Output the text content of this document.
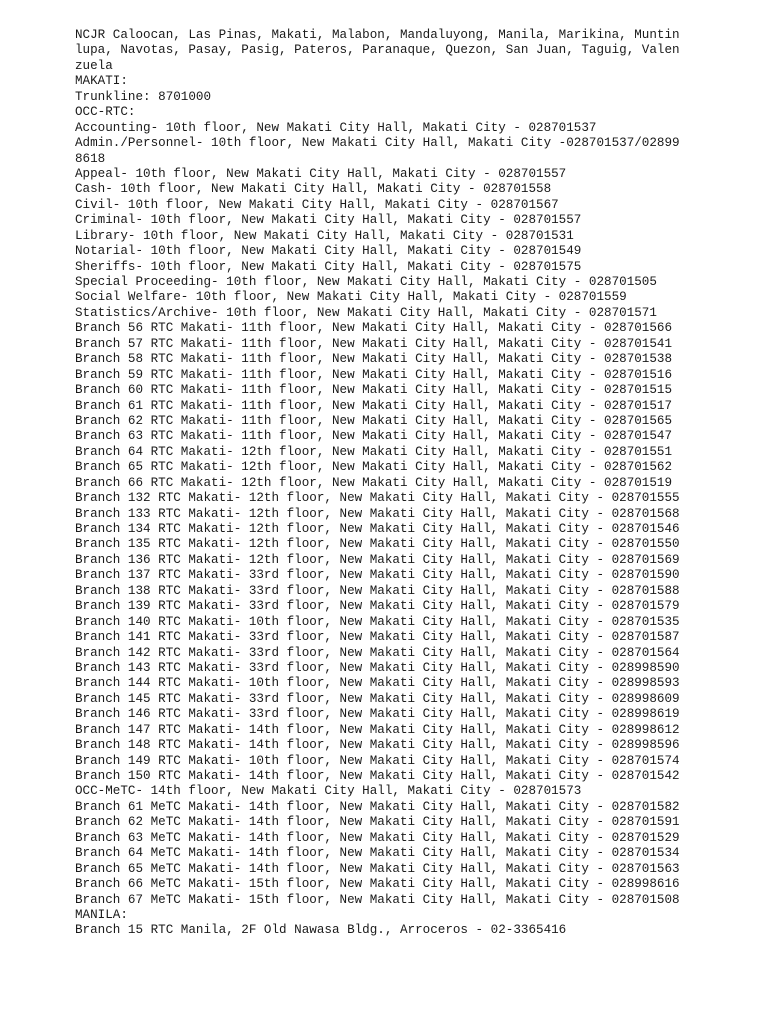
NCJR Caloocan, Las Pinas, Makati, Malabon, Mandaluyong, Manila, Marikina, Muntin
lupa, Navotas, Pasay, Pasig, Pateros, Paranaque, Quezon, San Juan, Taguig, Valen
zuela
MAKATI:
Trunkline: 8701000
OCC-RTC:
Accounting- 10th floor, New Makati City Hall, Makati City - 028701537
Admin./Personnel- 10th floor, New Makati City Hall, Makati City -028701537/02899
8618
Appeal- 10th floor, New Makati City Hall, Makati City - 028701557
Cash- 10th floor, New Makati City Hall, Makati City - 028701558
Civil- 10th floor, New Makati City Hall, Makati City - 028701567
Criminal- 10th floor, New Makati City Hall, Makati City - 028701557
Library- 10th floor, New Makati City Hall, Makati City - 028701531
Notarial- 10th floor, New Makati City Hall, Makati City - 028701549
Sheriffs- 10th floor, New Makati City Hall, Makati City - 028701575
Special Proceeding- 10th floor, New Makati City Hall, Makati City - 028701505
Social Welfare- 10th floor, New Makati City Hall, Makati City - 028701559
Statistics/Archive- 10th floor, New Makati City Hall, Makati City - 028701571
Branch 56 RTC Makati- 11th floor, New Makati City Hall, Makati City - 028701566
Branch 57 RTC Makati- 11th floor, New Makati City Hall, Makati City - 028701541
Branch 58 RTC Makati- 11th floor, New Makati City Hall, Makati City - 028701538
Branch 59 RTC Makati- 11th floor, New Makati City Hall, Makati City - 028701516
Branch 60 RTC Makati- 11th floor, New Makati City Hall, Makati City - 028701515
Branch 61 RTC Makati- 11th floor, New Makati City Hall, Makati City - 028701517
Branch 62 RTC Makati- 11th floor, New Makati City Hall, Makati City - 028701565
Branch 63 RTC Makati- 11th floor, New Makati City Hall, Makati City - 028701547
Branch 64 RTC Makati- 12th floor, New Makati City Hall, Makati City - 028701551
Branch 65 RTC Makati- 12th floor, New Makati City Hall, Makati City - 028701562
Branch 66 RTC Makati- 12th floor, New Makati City Hall, Makati City - 028701519
Branch 132 RTC Makati- 12th floor, New Makati City Hall, Makati City - 028701555
Branch 133 RTC Makati- 12th floor, New Makati City Hall, Makati City - 028701568
Branch 134 RTC Makati- 12th floor, New Makati City Hall, Makati City - 028701546
Branch 135 RTC Makati- 12th floor, New Makati City Hall, Makati City - 028701550
Branch 136 RTC Makati- 12th floor, New Makati City Hall, Makati City - 028701569
Branch 137 RTC Makati- 33rd floor, New Makati City Hall, Makati City - 028701590
Branch 138 RTC Makati- 33rd floor, New Makati City Hall, Makati City - 028701588
Branch 139 RTC Makati- 33rd floor, New Makati City Hall, Makati City - 028701579
Branch 140 RTC Makati- 10th floor, New Makati City Hall, Makati City - 028701535
Branch 141 RTC Makati- 33rd floor, New Makati City Hall, Makati City - 028701587
Branch 142 RTC Makati- 33rd floor, New Makati City Hall, Makati City - 028701564
Branch 143 RTC Makati- 33rd floor, New Makati City Hall, Makati City - 028998590
Branch 144 RTC Makati- 10th floor, New Makati City Hall, Makati City - 028998593
Branch 145 RTC Makati- 33rd floor, New Makati City Hall, Makati City - 028998609
Branch 146 RTC Makati- 33rd floor, New Makati City Hall, Makati City - 028998619
Branch 147 RTC Makati- 14th floor, New Makati City Hall, Makati City - 028998612
Branch 148 RTC Makati- 14th floor, New Makati City Hall, Makati City - 028998596
Branch 149 RTC Makati- 10th floor, New Makati City Hall, Makati City - 028701574
Branch 150 RTC Makati- 14th floor, New Makati City Hall, Makati City - 028701542
OCC-MeTC- 14th floor, New Makati City Hall, Makati City - 028701573
Branch 61 MeTC Makati- 14th floor, New Makati City Hall, Makati City - 028701582
Branch 62 MeTC Makati- 14th floor, New Makati City Hall, Makati City - 028701591
Branch 63 MeTC Makati- 14th floor, New Makati City Hall, Makati City - 028701529
Branch 64 MeTC Makati- 14th floor, New Makati City Hall, Makati City - 028701534
Branch 65 MeTC Makati- 14th floor, New Makati City Hall, Makati City - 028701563
Branch 66 MeTC Makati- 15th floor, New Makati City Hall, Makati City - 028998616
Branch 67 MeTC Makati- 15th floor, New Makati City Hall, Makati City - 028701508
MANILA:
Branch 15 RTC Manila, 2F Old Nawasa Bldg., Arroceros - 02-3365416
